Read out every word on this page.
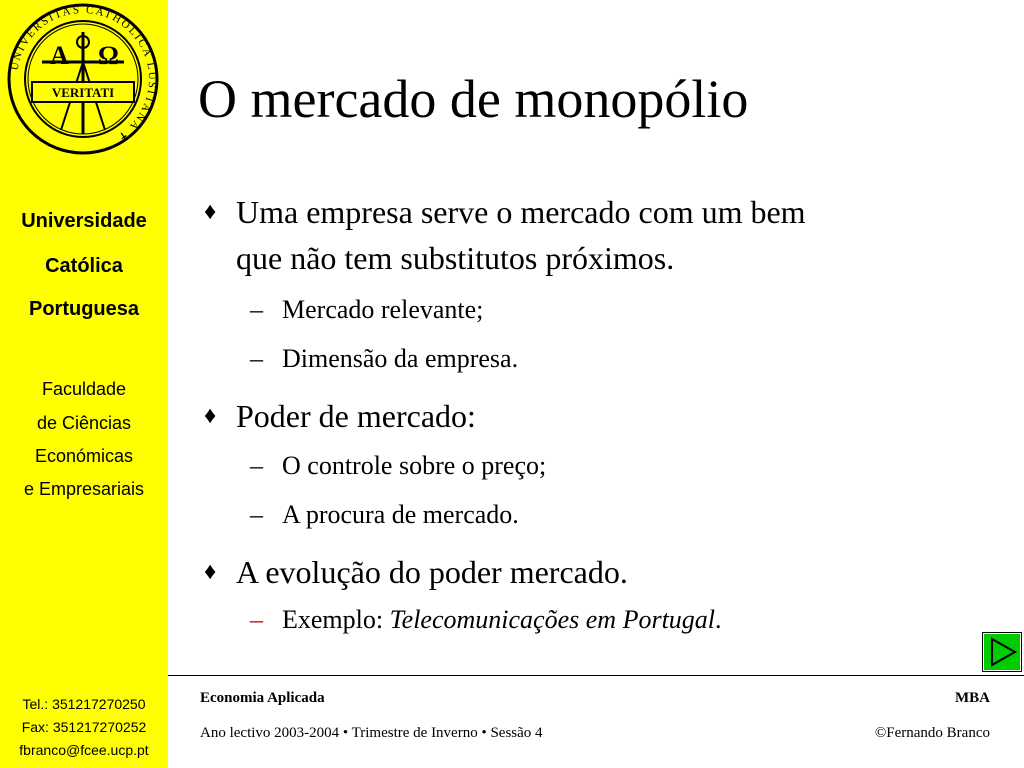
UNIVERSITAS CATHOLICA LUSITANA ✝
A Ω
VERITATI
Universidade
Católica
Portuguesa
Faculdade
de Ciências
Económicas
e Empresariais
Tel.: 351217270250
Fax: 351217270252
fbranco@fcee.ucp.pt
O mercado de monopólio
♦ Uma empresa serve o mercado com um bem
que não tem substitutos próximos.
– Mercado relevante;
– Dimensão da empresa.
♦ Poder de mercado:
– O controle sobre o preço;
– A procura de mercado.
♦ A evolução do poder mercado.
– Exemplo: Telecomunicações em Portugal.
Economia Aplicada	MBA
Ano lectivo 2003-2004 • Trimestre de Inverno • Sessão 4	©Fernando Branco
